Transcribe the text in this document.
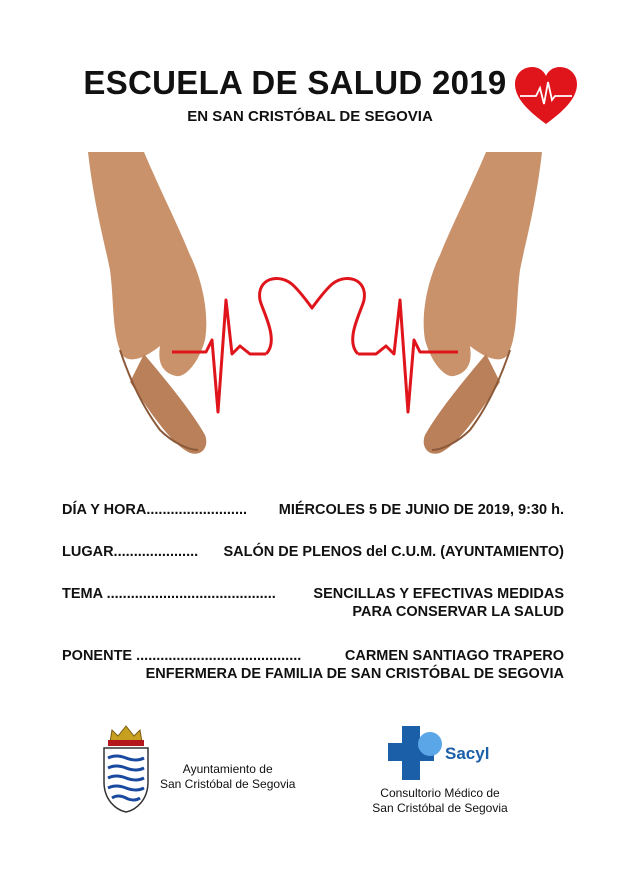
ESCUELA DE SALUD 2019
EN SAN CRISTÓBAL DE SEGOVIA
DÍA Y HORA......................... MIÉRCOLES 5 DE JUNIO DE 2019, 9:30 h.
LUGAR..................... SALÓN DE PLENOS del C.U.M. (AYUNTAMIENTO)
TEMA ..........................................	SENCILLAS Y EFECTIVAS MEDIDAS
PARA CONSERVAR LA SALUD
PONENTE .........................................	CARMEN SANTIAGO TRAPERO
ENFERMERA DE FAMILIA DE SAN CRISTÓBAL DE SEGOVIA
Ayuntamiento de
San Cristóbal de Segovia
Sacyl
Consultorio Médico de
San Cristóbal de Segovia
